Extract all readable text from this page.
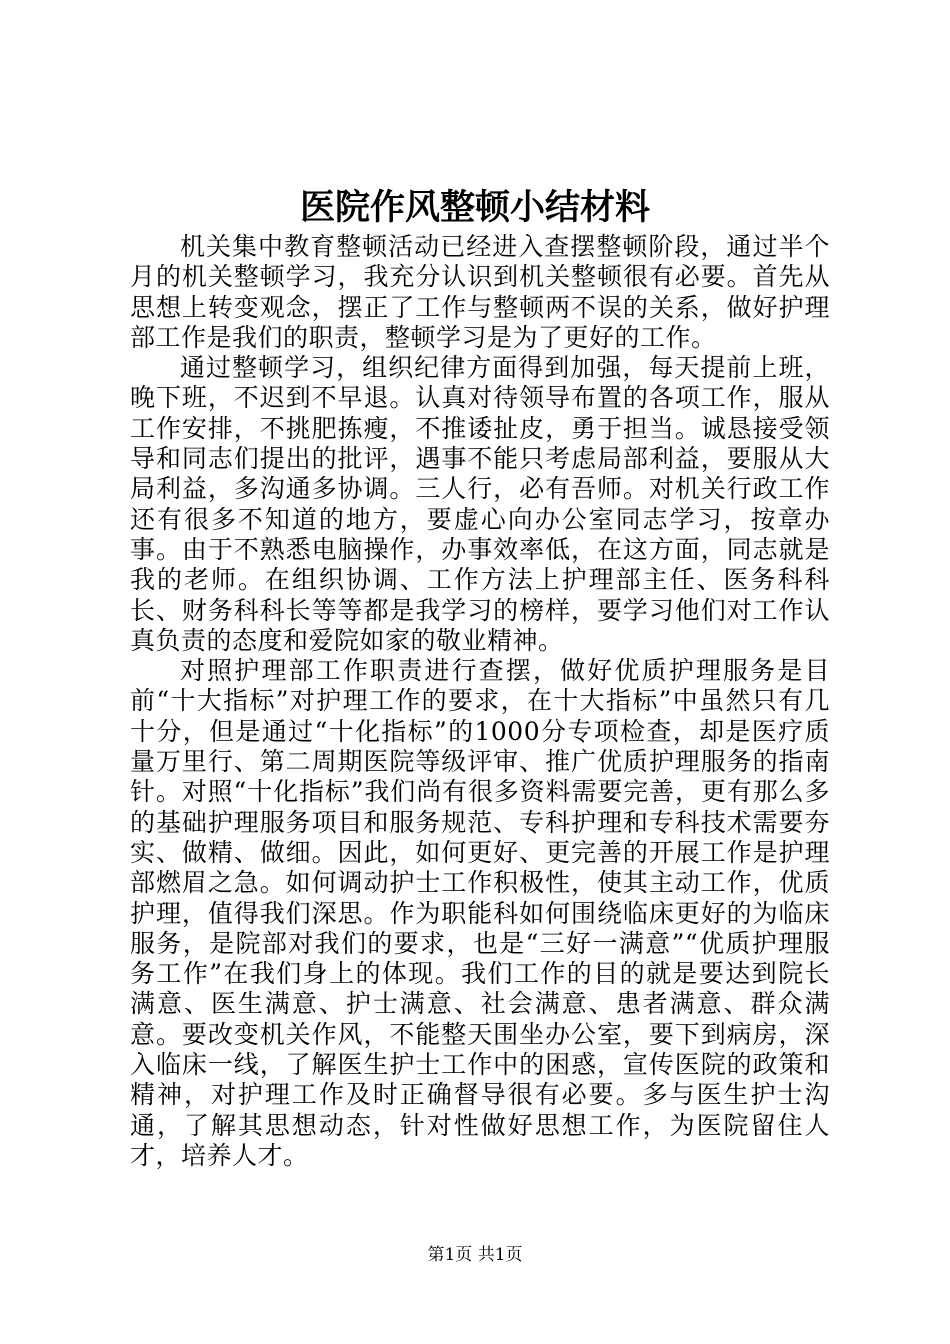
医院作风整顿小结材料

机关集中教育整顿活动已经进入查摆整顿阶段，通过半个月的机关整顿学习，我充分认识到机关整顿很有必要。首先从思想上转变观念，摆正了工作与整顿两不误的关系，做好护理部工作是我们的职责，整顿学习是为了更好的工作。

通过整顿学习，组织纪律方面得到加强，每天提前上班，晚下班，不迟到不早退。认真对待领导布置的各项工作，服从工作安排，不挑肥拣瘦，不推诿扯皮，勇于担当。诚恳接受领导和同志们提出的批评，遇事不能只考虑局部利益，要服从大局利益，多沟通多协调。三人行，必有吾师。对机关行政工作还有很多不知道的地方，要虚心向办公室同志学习，按章办事。由于不熟悉电脑操作，办事效率低，在这方面，同志就是我的老师。在组织协调、工作方法上护理部主任、医务科科长、财务科科长等等都是我学习的榜样，要学习他们对工作认真负责的态度和爱院如家的敬业精神。

对照护理部工作职责进行查摆，做好优质护理服务是目前“十大指标”对护理工作的要求，在十大指标”中虽然只有几十分，但是通过“十化指标”的1000分专项检查，却是医疗质量万里行、第二周期医院等级评审、推广优质护理服务的指南针。对照“十化指标”我们尚有很多资料需要完善，更有那么多的基础护理服务项目和服务规范、专科护理和专科技术需要夯实、做精、做细。因此，如何更好、更完善的开展工作是护理部燃眉之急。如何调动护士工作积极性，使其主动工作，优质护理，值得我们深思。作为职能科如何围绕临床更好的为临床服务，是院部对我们的要求，也是“三好一满意”“优质护理服务工作”在我们身上的体现。我们工作的目的就是要达到院长满意、医生满意、护士满意、社会满意、患者满意、群众满意。要改变机关作风，不能整天围坐办公室，要下到病房，深入临床一线，了解医生护士工作中的困惑，宣传医院的政策和精神，对护理工作及时正确督导很有必要。多与医生护士沟通，了解其思想动态，针对性做好思想工作，为医院留住人才，培养人才。

第1页 共1页
